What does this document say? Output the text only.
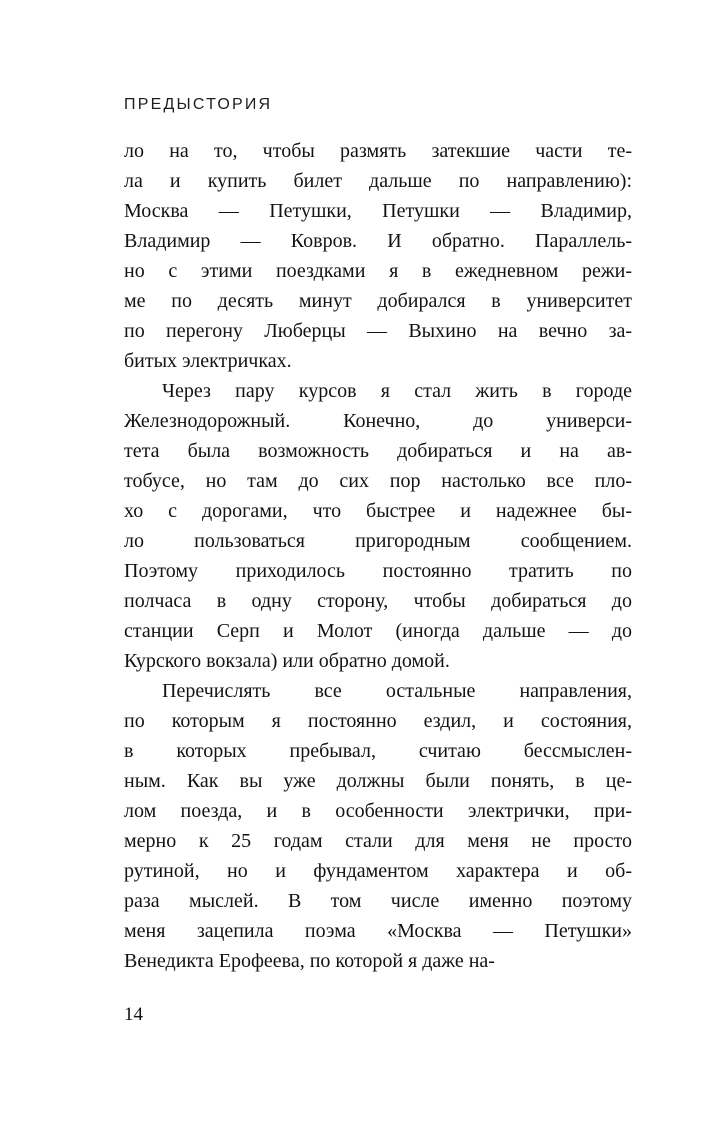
ПРЕДЫСТОРИЯ
ло на то, чтобы размять затекшие части те-
ла и купить билет дальше по направлению):
Москва — Петушки, Петушки — Владимир,
Владимир — Ковров. И обратно. Параллель-
но с этими поездками я в ежедневном режи-
ме по десять минут добирался в университет
по перегону Люберцы — Выхино на вечно за-
битых электричках.
Через пару курсов я стал жить в городе
Железнодорожный. Конечно, до универси-
тета была возможность добираться и на ав-
тобусе, но там до сих пор настолько все пло-
хо с дорогами, что быстрее и надежнее бы-
ло пользоваться пригородным сообщением.
Поэтому приходилось постоянно тратить по
полчаса в одну сторону, чтобы добираться до
станции Серп и Молот (иногда дальше — до
Курского вокзала) или обратно домой.
Перечислять все остальные направления,
по которым я постоянно ездил, и состояния,
в которых пребывал, считаю бессмыслен-
ным. Как вы уже должны были понять, в це-
лом поезда, и в особенности электрички, при-
мерно к 25 годам стали для меня не просто
рутиной, но и фундаментом характера и об-
раза мыслей. В том числе именно поэтому
меня зацепила поэма «Москва — Петушки»
Венедикта Ерофеева, по которой я даже на-
14
